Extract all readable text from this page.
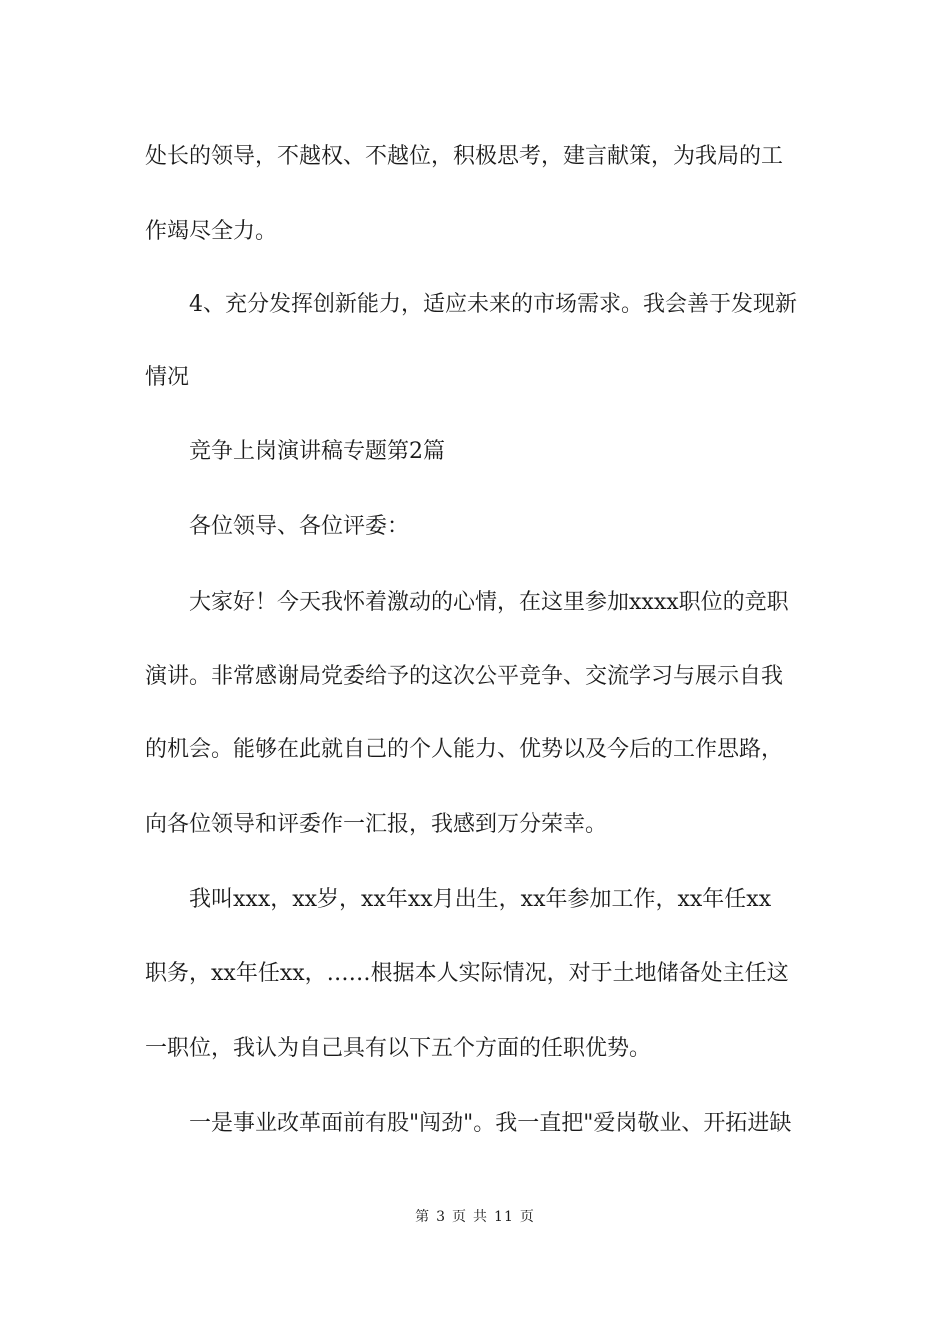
处长的领导，不越权、不越位，积极思考，建言献策，为我局的工
作竭尽全力。
　　4、充分发挥创新能力，适应未来的市场需求。我会善于发现新
情况
　　竞争上岗演讲稿专题第2篇
　　各位领导、各位评委：
　　大家好！今天我怀着激动的心情，在这里参加xxxx职位的竞职
演讲。非常感谢局党委给予的这次公平竞争、交流学习与展示自我
的机会。能够在此就自己的个人能力、优势以及今后的工作思路，
向各位领导和评委作一汇报，我感到万分荣幸。
　　我叫xxx，xx岁，xx年xx月出生，xx年参加工作，xx年任xx
职务，xx年任xx，……根据本人实际情况，对于土地储备处主任这
一职位，我认为自己具有以下五个方面的任职优势。
　　一是事业改革面前有股"闯劲"。我一直把"爱岗敬业、开拓进缺
第 3 页 共 11 页
